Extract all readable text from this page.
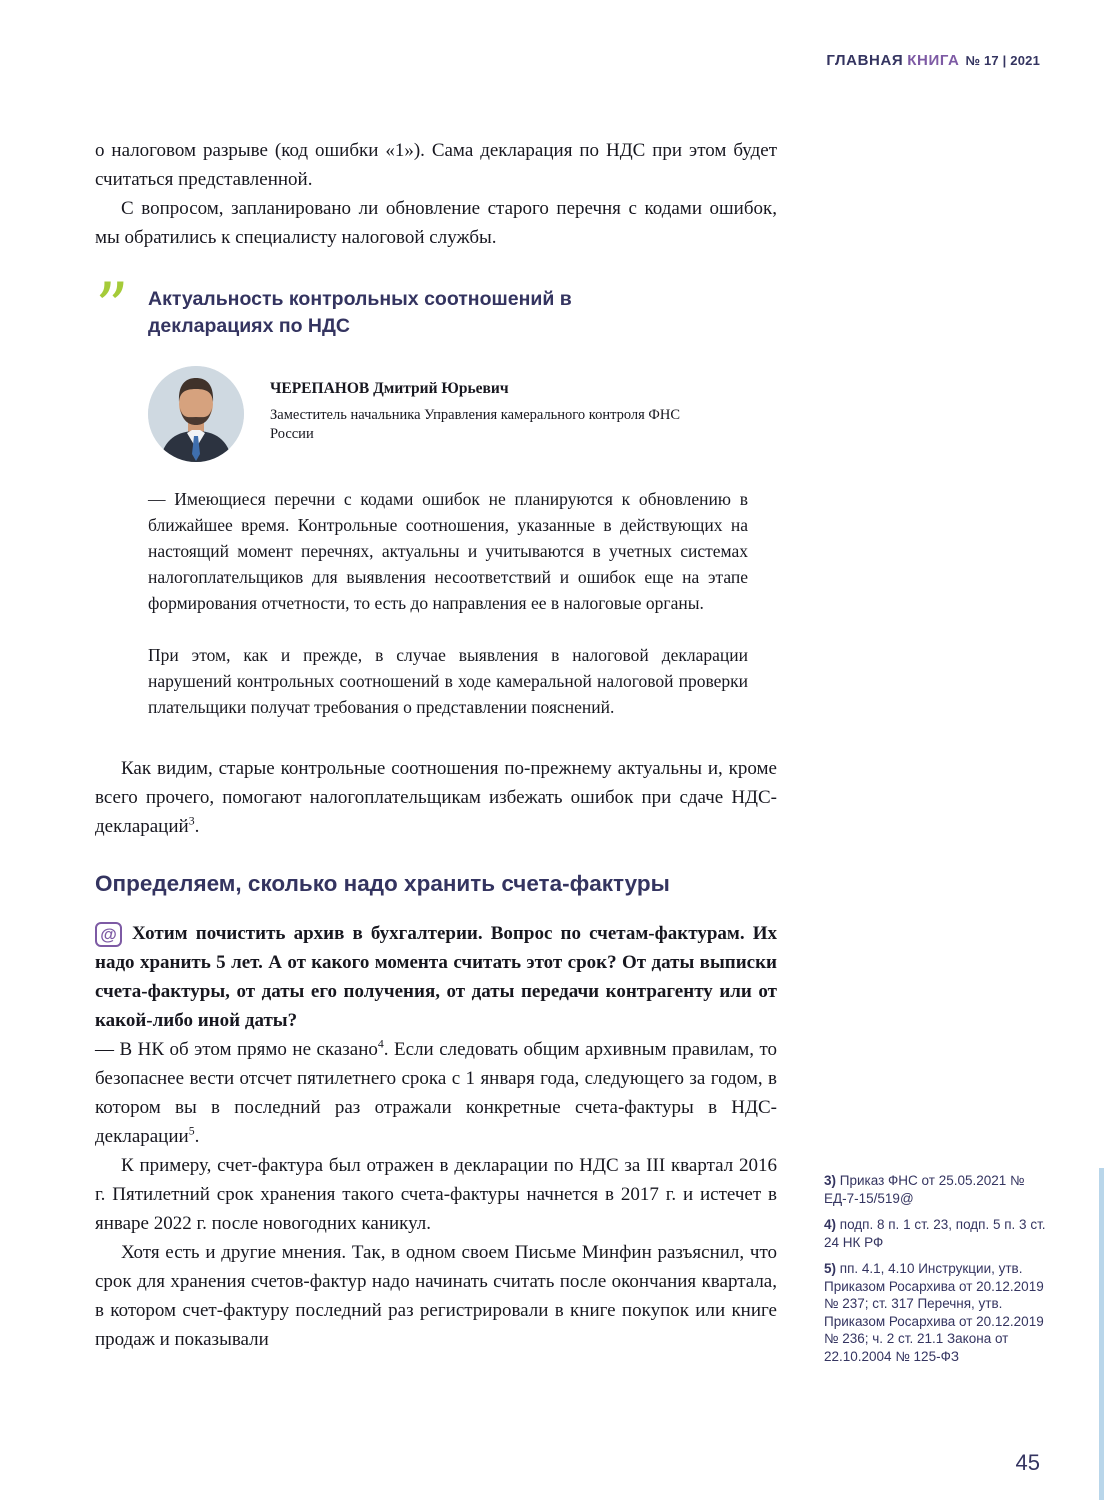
ГЛАВНАЯ КНИГА № 17 | 2021

о налоговом разрыве (код ошибки «1»). Сама декларация по НДС при этом будет считаться представленной.

С вопросом, запланировано ли обновление старого перечня с кодами ошибок, мы обратились к специалисту налоговой службы.

”	Актуальность контрольных соотношений в декларациях по НДС
ЧЕРЕПАНОВ Дмитрий Юрьевич
Заместитель начальника Управления камерального контроля ФНС России

— Имеющиеся перечни с кодами ошибок не планируются к обновлению в ближайшее время. Контрольные соотношения, указанные в действующих на настоящий момент перечнях, актуальны и учитываются в учетных системах налогоплательщиков для выявления несоответствий и ошибок еще на этапе формирования отчетности, то есть до направления ее в налоговые органы.

При этом, как и прежде, в случае выявления в налоговой декларации нарушений контрольных соотношений в ходе камеральной налоговой проверки плательщики получат требования о представлении пояснений.

Как видим, старые контрольные соотношения по-прежнему актуальны и, кроме всего прочего, помогают налогоплательщикам избежать ошибок при сдаче НДС-деклараций$^3$.

Определяем, сколько надо хранить счета-фактуры

@ Хотим почистить архив в бухгалтерии. Вопрос по счетам-фактурам. Их надо хранить 5 лет. А от какого момента считать этот срок? От даты выписки счета-фактуры, от даты его получения, от даты передачи контрагенту или от какой-либо иной даты?

— В НК об этом прямо не сказано$^4$. Если следовать общим архивным правилам, то безопаснее вести отсчет пятилетнего срока с 1 января года, следующего за годом, в котором вы в последний раз отражали конкретные счета-фактуры в НДС-декларации$^5$.

К примеру, счет-фактура был отражен в декларации по НДС за III квартал 2016 г. Пятилетний срок хранения такого счета-фактуры начнется в 2017 г. и истечет в январе 2022 г. после новогодних каникул.

Хотя есть и другие мнения. Так, в одном своем Письме Минфин разъяснил, что срок для хранения счетов-фактур надо начинать считать после окончания квартала, в котором счет-фактуру последний раз регистрировали в книге покупок или книге продаж и показывали

3) Приказ ФНС от 25.05.2021 № ЕД-7-15/519@
4) подп. 8 п. 1 ст. 23, подп. 5 п. 3 ст. 24 НК РФ
5) пп. 4.1, 4.10 Инструкции, утв. Приказом Росархива от 20.12.2019 № 237; ст. 317 Перечня, утв. Приказом Росархива от 20.12.2019 № 236; ч. 2 ст. 21.1 Закона от 22.10.2004 № 125-ФЗ
45
